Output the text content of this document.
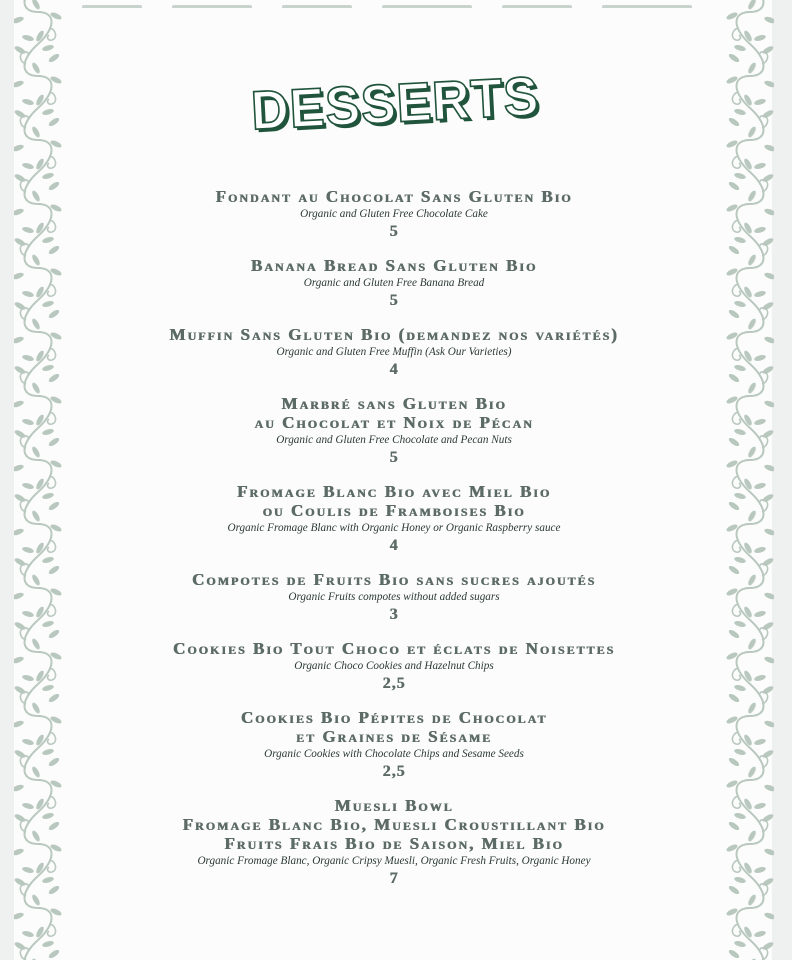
DESSERTS
Fondant au Chocolat Sans Gluten Bio
Organic and Gluten Free Chocolate Cake
5
Banana Bread Sans Gluten Bio
Organic and Gluten Free Banana Bread
5
Muffin Sans Gluten Bio (demandez nos variétés)
Organic and Gluten Free Muffin (Ask Our Varieties)
4
Marbré sans Gluten Bio
au Chocolat et Noix de Pécan
Organic and Gluten Free Chocolate and Pecan Nuts
5
Fromage Blanc Bio avec Miel Bio
ou Coulis de Framboises Bio
Organic Fromage Blanc with Organic Honey or Organic Raspberry sauce
4
Compotes de Fruits Bio sans sucres ajoutés
Organic Fruits compotes without added sugars
3
Cookies Bio Tout Choco et éclats de Noisettes
Organic Choco Cookies and Hazelnut Chips
2,5
Cookies Bio Pépites de Chocolat
et Graines de Sésame
Organic Cookies with Chocolate Chips and Sesame Seeds
2,5
Muesli Bowl
Fromage Blanc Bio, Muesli Croustillant Bio
Fruits Frais Bio de Saison, Miel Bio
Organic Fromage Blanc, Organic Cripsy Muesli, Organic Fresh Fruits, Organic Honey
7
